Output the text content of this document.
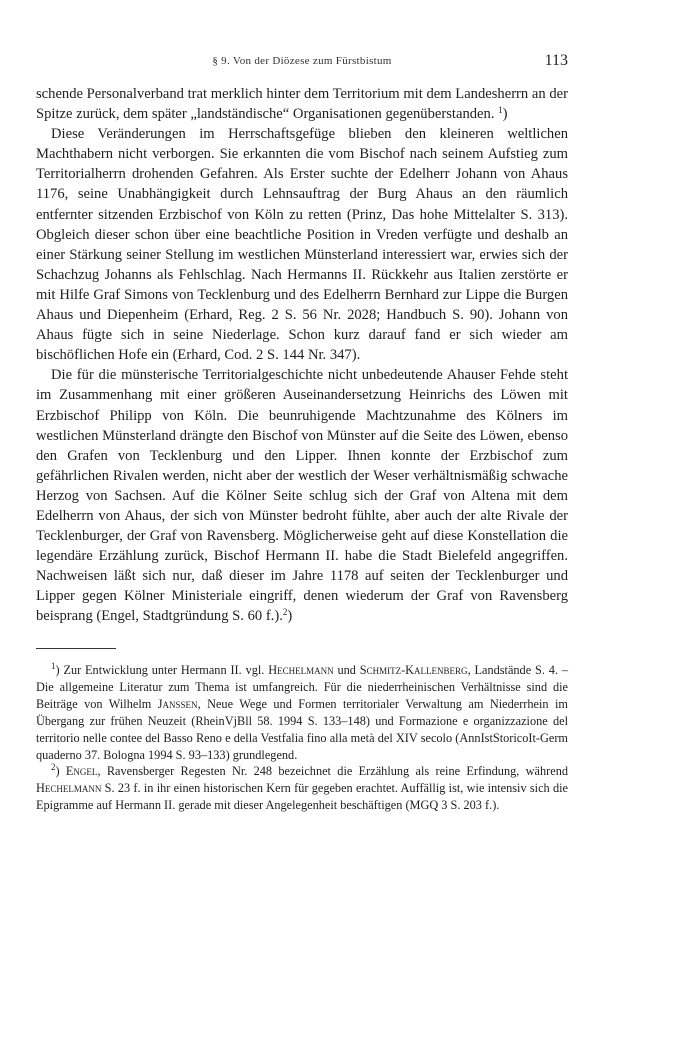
§ 9. Von der Diözese zum Fürstbistum	113

schende Personalverband trat merklich hinter dem Territorium mit dem Landesherrn an der Spitze zurück, dem später „landständische“ Organisationen gegenüberstanden. $^1$)

Diese Veränderungen im Herrschaftsgefüge blieben den kleineren weltlichen Machthabern nicht verborgen. Sie erkannten die vom Bischof nach seinem Aufstieg zum Territorialherrn drohenden Gefahren. Als Erster suchte der Edelherr Johann von Ahaus 1176, seine Unabhängigkeit durch Lehnsauftrag der Burg Ahaus an den räumlich entfernter sitzenden Erzbischof von Köln zu retten (Prinz, Das hohe Mittelalter S. 313). Obgleich dieser schon über eine beachtliche Position in Vreden verfügte und deshalb an einer Stärkung seiner Stellung im westlichen Münsterland interessiert war, erwies sich der Schachzug Johanns als Fehlschlag. Nach Hermanns II. Rückkehr aus Italien zerstörte er mit Hilfe Graf Simons von Tecklenburg und des Edelherrn Bernhard zur Lippe die Burgen Ahaus und Diepenheim (Erhard, Reg. 2 S. 56 Nr. 2028; Handbuch S. 90). Johann von Ahaus fügte sich in seine Niederlage. Schon kurz darauf fand er sich wieder am bischöflichen Hofe ein (Erhard, Cod. 2 S. 144 Nr. 347).

Die für die münsterische Territorialgeschichte nicht unbedeutende Ahauser Fehde steht im Zusammenhang mit einer größeren Auseinandersetzung Heinrichs des Löwen mit Erzbischof Philipp von Köln. Die beunruhigende Machtzunahme des Kölners im westlichen Münsterland drängte den Bischof von Münster auf die Seite des Löwen, ebenso den Grafen von Tecklenburg und den Lipper. Ihnen konnte der Erzbischof zum gefährlichen Rivalen werden, nicht aber der westlich der Weser verhältnismäßig schwache Herzog von Sachsen. Auf die Kölner Seite schlug sich der Graf von Altena mit dem Edelherrn von Ahaus, der sich von Münster bedroht fühlte, aber auch der alte Rivale der Tecklenburger, der Graf von Ravensberg. Möglicherweise geht auf diese Konstellation die legendäre Erzählung zurück, Bischof Hermann II. habe die Stadt Bielefeld angegriffen. Nachweisen läßt sich nur, daß dieser im Jahre 1178 auf seiten der Tecklenburger und Lipper gegen Kölner Ministeriale eingriff, denen wiederum der Graf von Ravensberg beisprang (Engel, Stadtgründung S. 60 f.).$^2$)

$^1$) Zur Entwicklung unter Hermann II. vgl. Hechelmann und Schmitz-Kallenberg, Landstände S. 4. – Die allgemeine Literatur zum Thema ist umfangreich. Für die niederrheinischen Verhältnisse sind die Beiträge von Wilhelm Janssen, Neue Wege und Formen territorialer Verwaltung am Niederrhein im Übergang zur frühen Neuzeit (RheinVjBll 58. 1994 S. 133–148) und Formazione e organizzazione del territorio nelle contee del Basso Reno e della Vestfalia fino alla metà del XIV secolo (AnnIstStoricoIt-Germ quaderno 37. Bologna 1994 S. 93–133) grundlegend.

$^2$) Engel, Ravensberger Regesten Nr. 248 bezeichnet die Erzählung als reine Erfindung, während Hechelmann S. 23 f. in ihr einen historischen Kern für gegeben erachtet. Auffällig ist, wie intensiv sich die Epigramme auf Hermann II. gerade mit dieser Angelegenheit beschäftigen (MGQ 3 S. 203 f.).
